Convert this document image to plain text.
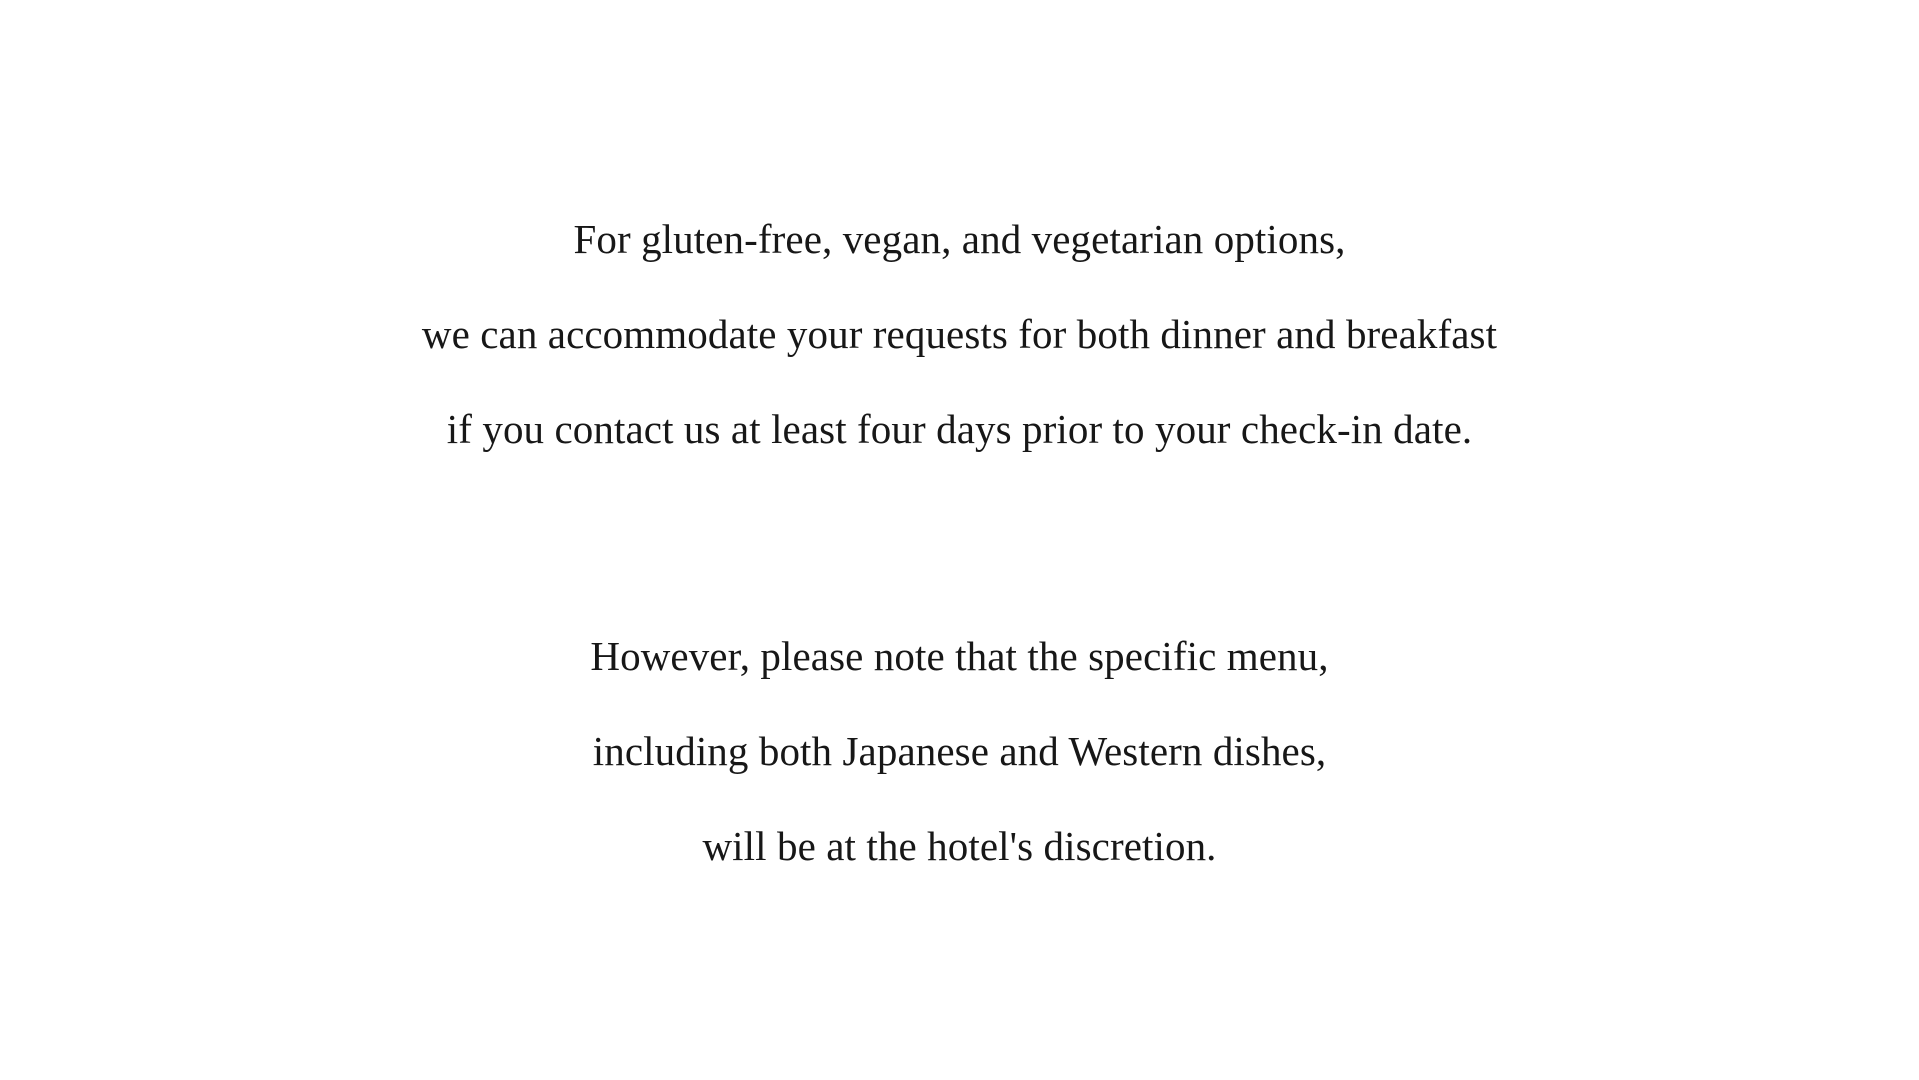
For gluten-free, vegan, and vegetarian options,
we can accommodate your requests for both dinner and breakfast
if you contact us at least four days prior to your check-in date.
However, please note that the specific menu,
including both Japanese and Western dishes,
will be at the hotel's discretion.
